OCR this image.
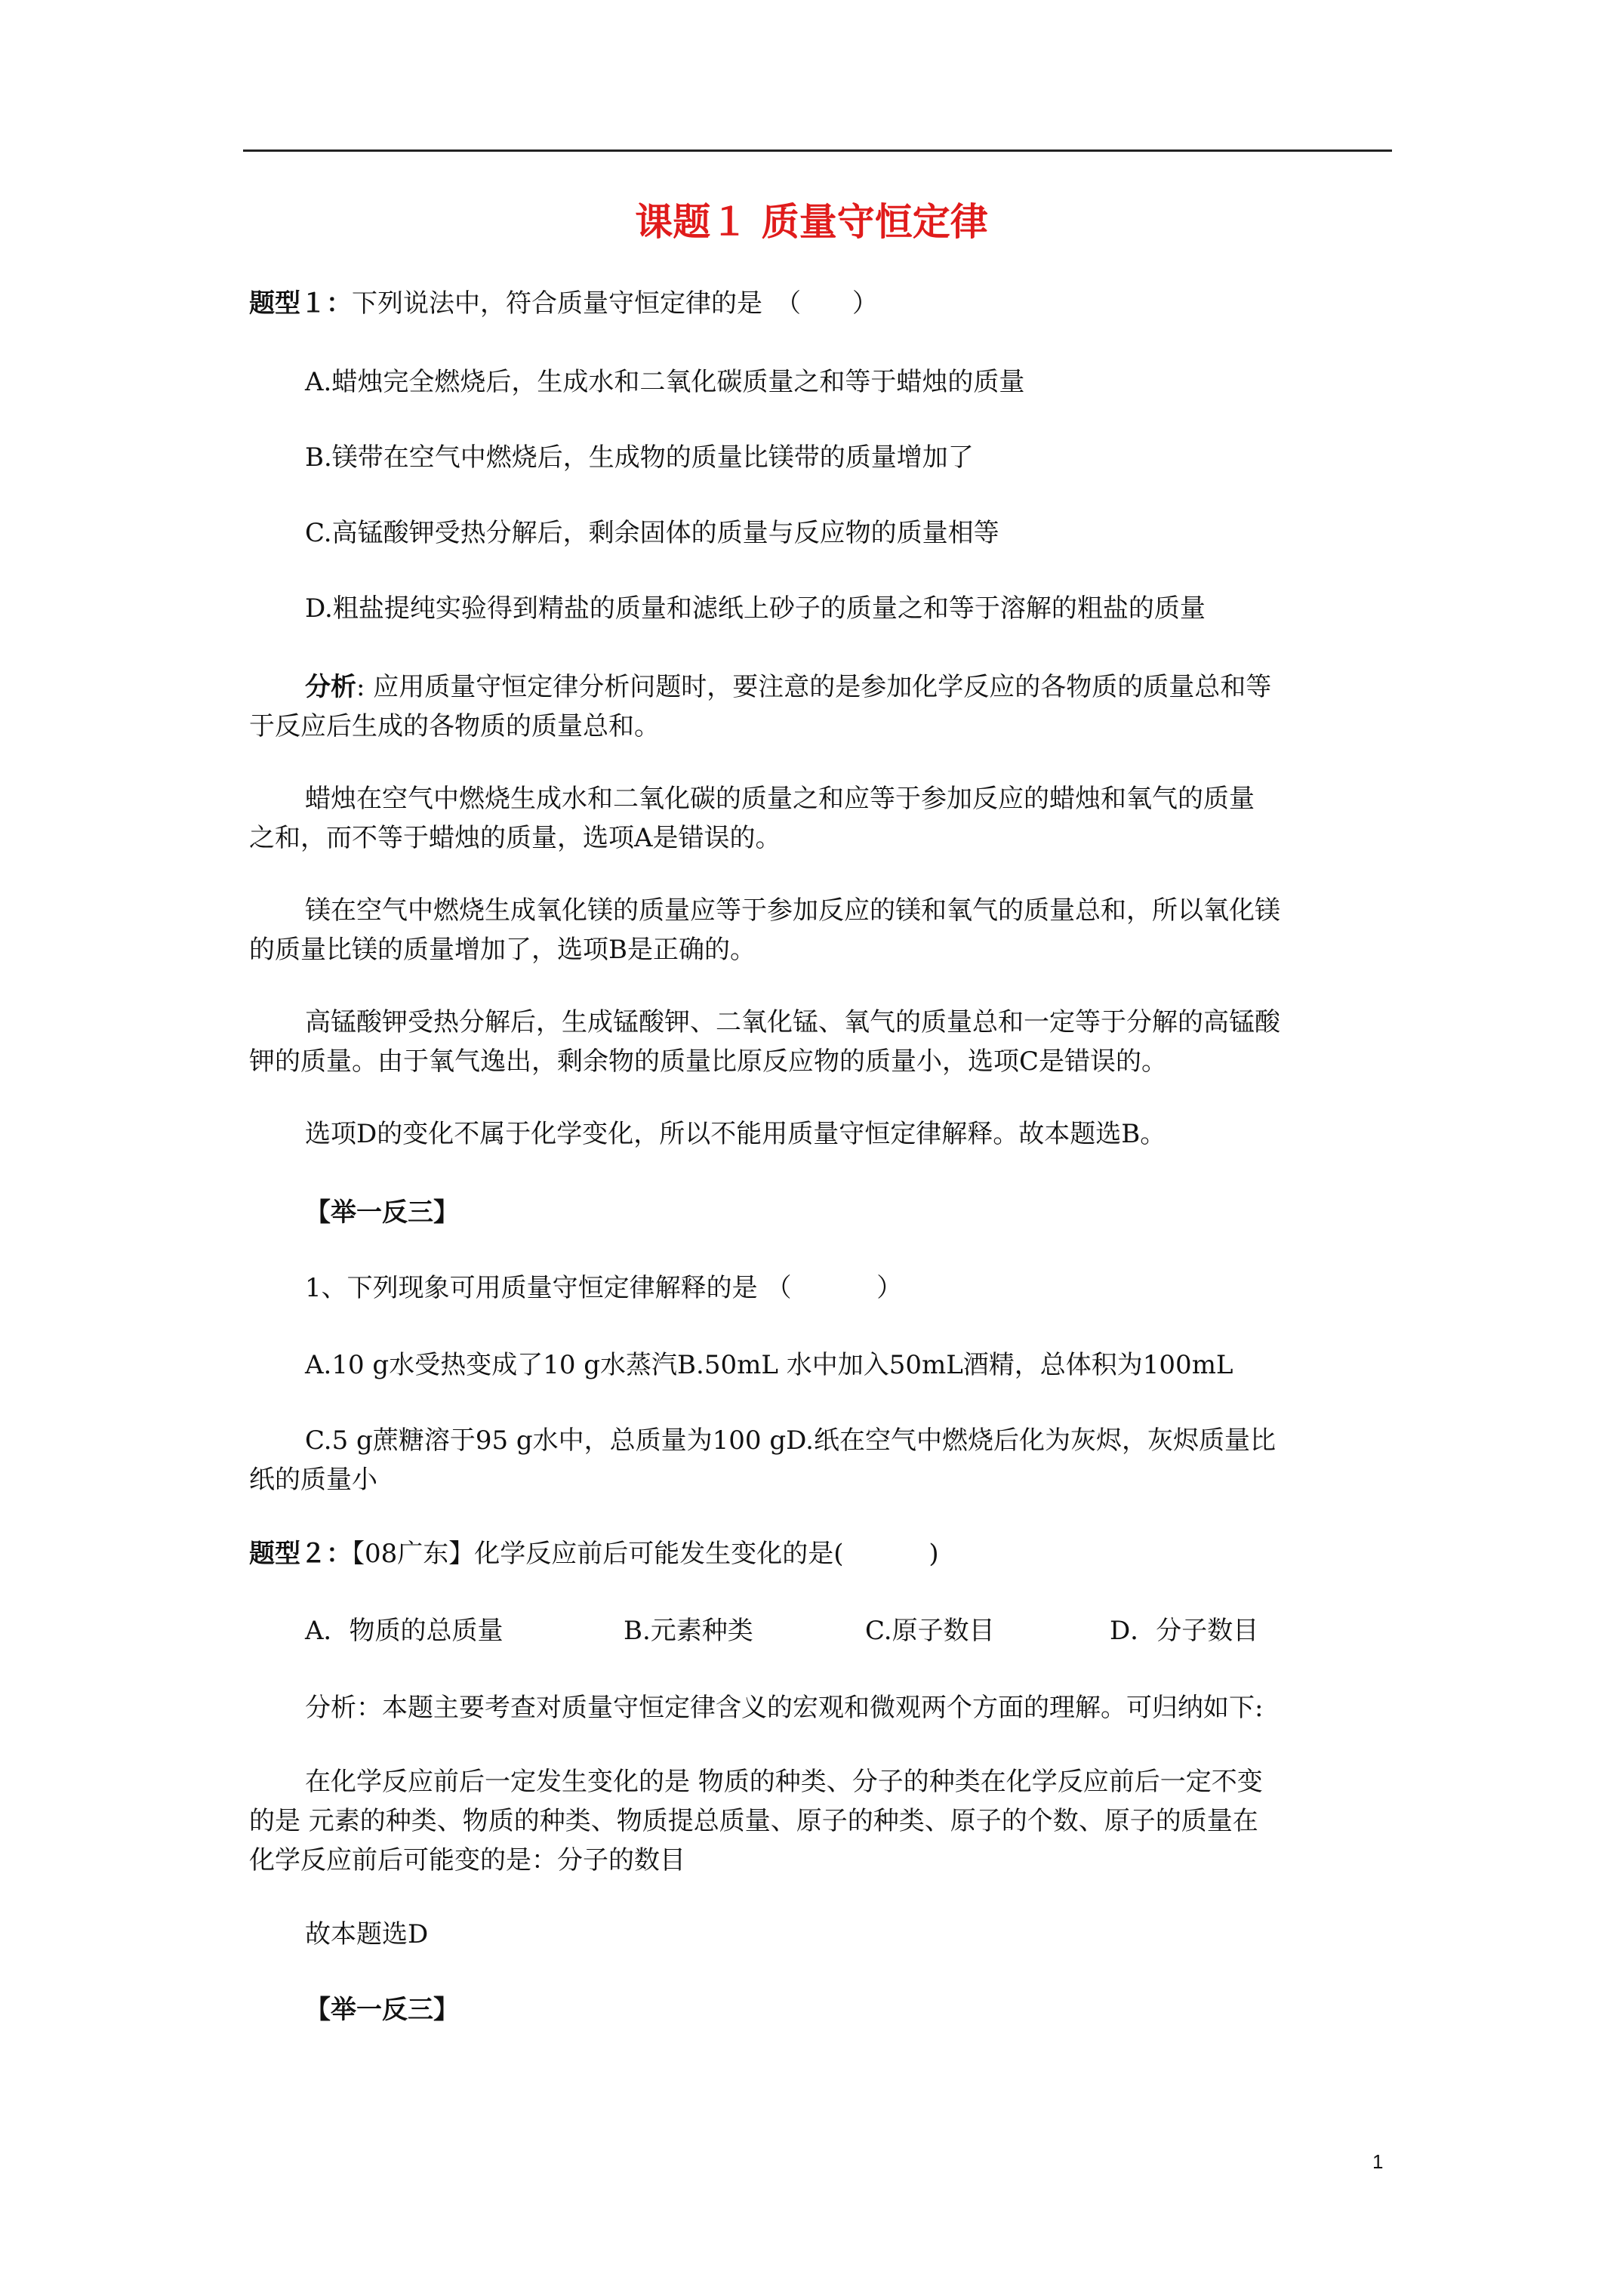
课题１ 质量守恒定律
题型１：下列说法中，符合质量守恒定律的是　（　　）
A.蜡烛完全燃烧后，生成水和二氧化碳质量之和等于蜡烛的质量
B.镁带在空气中燃烧后，生成物的质量比镁带的质量增加了
C.高锰酸钾受热分解后，剩余固体的质量与反应物的质量相等
D.粗盐提纯实验得到精盐的质量和滤纸上砂子的质量之和等于溶解的粗盐的质量
分析: 应用质量守恒定律分析问题时，要注意的是参加化学反应的各物质的质量总和等
于反应后生成的各物质的质量总和。
蜡烛在空气中燃烧生成水和二氧化碳的质量之和应等于参加反应的蜡烛和氧气的质量
之和，而不等于蜡烛的质量，选项A是错误的。
镁在空气中燃烧生成氧化镁的质量应等于参加反应的镁和氧气的质量总和，所以氧化镁
的质量比镁的质量增加了，选项B是正确的。
高锰酸钾受热分解后，生成锰酸钾、二氧化锰、氧气的质量总和一定等于分解的高锰酸
钾的质量。由于氧气逸出，剩余物的质量比原反应物的质量小，选项C是错误的。
选项D的变化不属于化学变化，所以不能用质量守恒定律解释。故本题选B。
【举一反三】
1、下列现象可用质量守恒定律解释的是 （　　　 ）
A.10 g水受热变成了10 g水蒸汽B.50mL 水中加入50mL酒精，总体积为100mL
C.5 g蔗糖溶于95 g水中，总质量为100 gD.纸在空气中燃烧后化为灰烬，灰烬质量比
纸的质量小
题型２：【08广东】化学反应前后可能发生变化的是(　　　 )
A．物质的总质量	B.元素种类	C.原子数目	D．分子数目
分析：本题主要考查对质量守恒定律含义的宏观和微观两个方面的理解。可归纳如下:
在化学反应前后一定发生变化的是 物质的种类、分子的种类在化学反应前后一定不变
的是 元素的种类、物质的种类、物质提总质量、原子的种类、原子的个数、原子的质量在
化学反应前后可能变的是：分子的数目
故本题选D
【举一反三】
1
